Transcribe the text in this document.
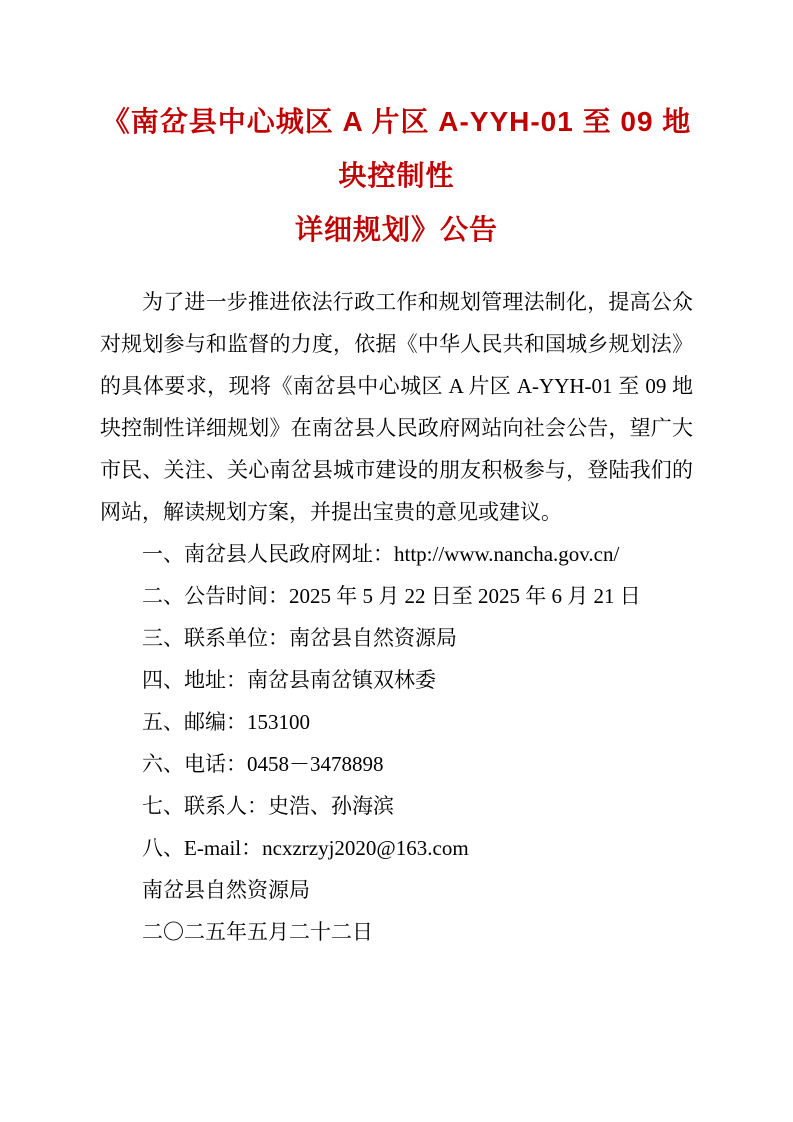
《南岔县中心城区 A 片区 A-YYH-01 至 09 地块控制性
详细规划》公告

为了进一步推进依法行政工作和规划管理法制化，提高公众对规划参与和监督的力度，依据《中华人民共和国城乡规划法》的具体要求，现将《南岔县中心城区 A 片区 A-YYH-01 至 09 地块控制性详细规划》在南岔县人民政府网站向社会公告，望广大市民、关注、关心南岔县城市建设的朋友积极参与，登陆我们的网站，解读规划方案，并提出宝贵的意见或建议。

一、南岔县人民政府网址：http://www.nancha.gov.cn/

二、公告时间：2025 年 5 月 22 日至 2025 年 6 月 21 日

三、联系单位：南岔县自然资源局

四、地址：南岔县南岔镇双林委

五、邮编：153100

六、电话：0458－3478898

七、联系人：史浩、孙海滨

八、E-mail：ncxzrzyj2020@163.com

南岔县自然资源局

二〇二五年五月二十二日
